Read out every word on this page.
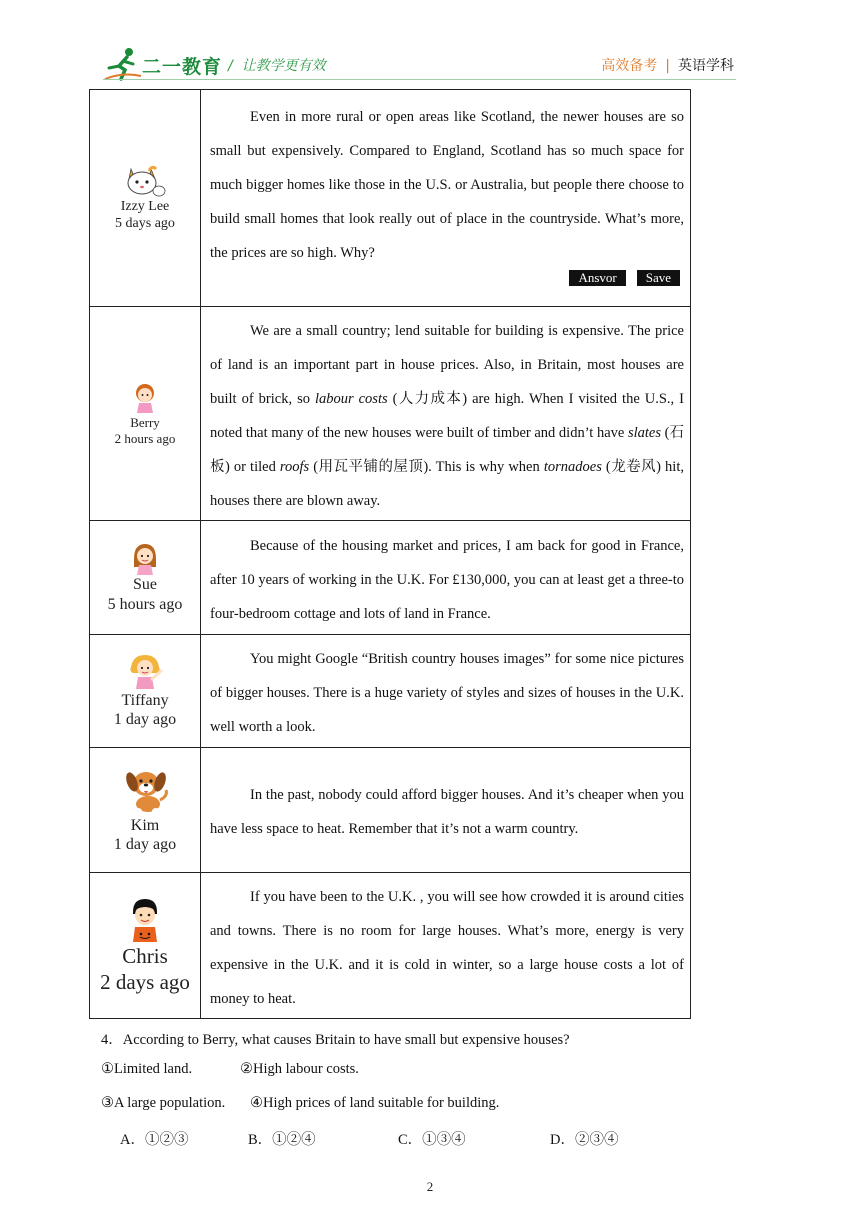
二一教育 /  让教学更有效	高效备考 | 英语学科
Izzy Lee
5 days ago

Even in more rural or open areas like Scotland, the newer houses are so small but expensively. Compared to England, Scotland has so much space for much bigger homes like those in the U.S. or Australia, but people there choose to build small homes that look really out of place in the countryside. What’s more, the prices are so high. Why?

Ansvor	Save
Berry
2 hours ago

We are a small country; lend suitable for building is expensive. The price of land is an important part in house prices. Also, in Britain, most houses are built of brick, so labour costs (人力成本) are high. When I visited the U.S., I noted that many of the new houses were built of timber and didn’t have slates (石板) or tiled roofs (用瓦平铺的屋顶). This is why when tornadoes (龙卷风) hit, houses there are blown away.

Sue
5 hours ago

Because of the housing market and prices, I am back for good in France, after 10 years of working in the U.K. For £130,000, you can at least get a three-to four-bedroom cottage and lots of land in France.

Tiffany
1 day ago

You might Google “British country houses images” for some nice pictures of bigger houses. There is a huge variety of styles and sizes of houses in the U.K. well worth a look.

Kim
1 day ago

In the past, nobody could afford bigger houses. And it’s cheaper when you have less space to heat. Remember that it’s not a warm country.

Chris
2 days ago

If you have been to the U.K. , you will see how crowded it is around cities and towns. There is no room for large houses. What’s more, energy is very expensive in the U.K. and it is cold in winter, so a large house costs a lot of money to heat.

4．According to Berry, what causes Britain to have small but expensive houses?
①Limited land.	②High labour costs.
③A large population. ④High prices of land suitable for building.
A．①②③	B．①②④	C．①③④	D．②③④
2
